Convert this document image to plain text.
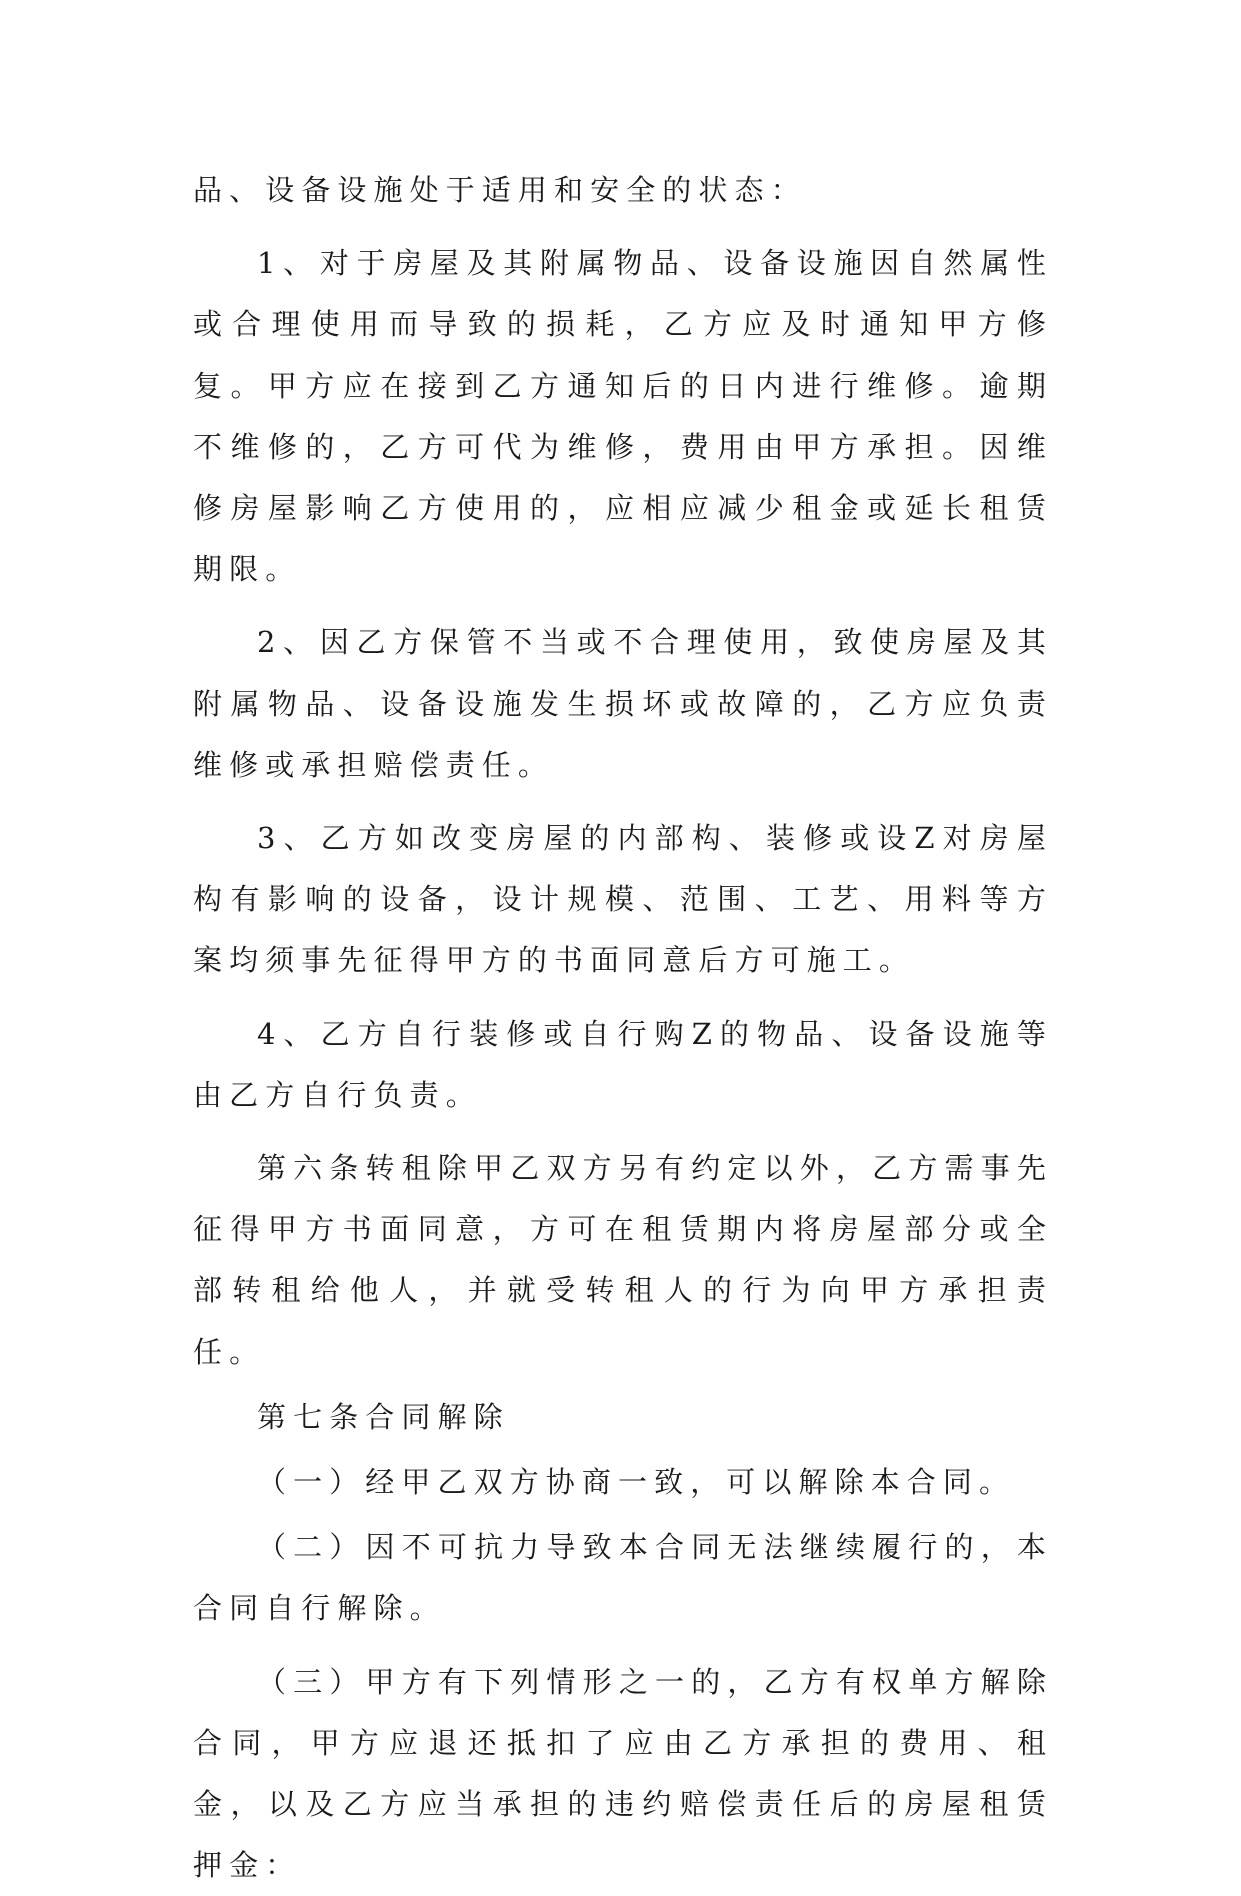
品、设备设施处于适用和安全的状态：

1、对于房屋及其附属物品、设备设施因自然属性或合理使用而导致的损耗，乙方应及时通知甲方修复。甲方应在接到乙方通知后的日内进行维修。逾期不维修的，乙方可代为维修，费用由甲方承担。因维修房屋影响乙方使用的，应相应减少租金或延长租赁期限。

2、因乙方保管不当或不合理使用，致使房屋及其附属物品、设备设施发生损坏或故障的，乙方应负责维修或承担赔偿责任。

3、乙方如改变房屋的内部构、装修或设Z对房屋构有影响的设备，设计规模、范围、工艺、用料等方案均须事先征得甲方的书面同意后方可施工。

4、乙方自行装修或自行购Z的物品、设备设施等由乙方自行负责。

第六条转租除甲乙双方另有约定以外，乙方需事先征得甲方书面同意，方可在租赁期内将房屋部分或全部转租给他人，并就受转租人的行为向甲方承担责任。

第七条合同解除

（一）经甲乙双方协商一致，可以解除本合同。

（二）因不可抗力导致本合同无法继续履行的，本合同自行解除。

（三）甲方有下列情形之一的，乙方有权单方解除合同，甲方应退还抵扣了应由乙方承担的费用、租金，以及乙方应当承担的违约赔偿责任后的房屋租赁押金：
